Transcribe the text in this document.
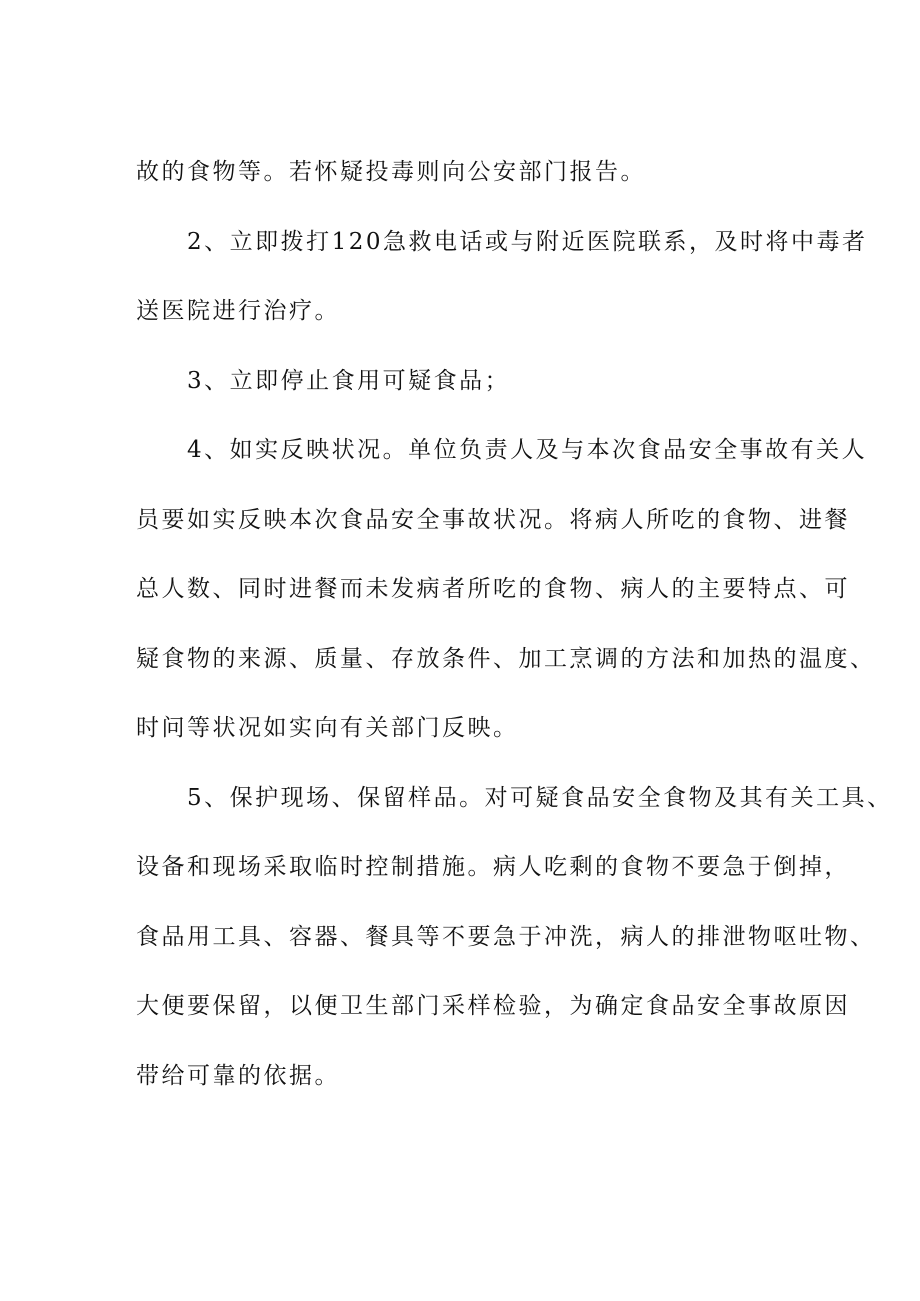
故的食物等。若怀疑投毒则向公安部门报告。
　　2、立即拨打120急救电话或与附近医院联系，及时将中毒者
送医院进行治疗。
　　3、立即停止食用可疑食品；
　　4、如实反映状况。单位负责人及与本次食品安全事故有关人
员要如实反映本次食品安全事故状况。将病人所吃的食物、进餐
总人数、同时进餐而未发病者所吃的食物、病人的主要特点、可
疑食物的来源、质量、存放条件、加工烹调的方法和加热的温度、
时问等状况如实向有关部门反映。
　　5、保护现场、保留样品。对可疑食品安全食物及其有关工具、
设备和现场采取临时控制措施。病人吃剩的食物不要急于倒掉，
食品用工具、容器、餐具等不要急于冲洗，病人的排泄物呕吐物、
大便要保留，以便卫生部门采样检验，为确定食品安全事故原因
带给可靠的依据。
